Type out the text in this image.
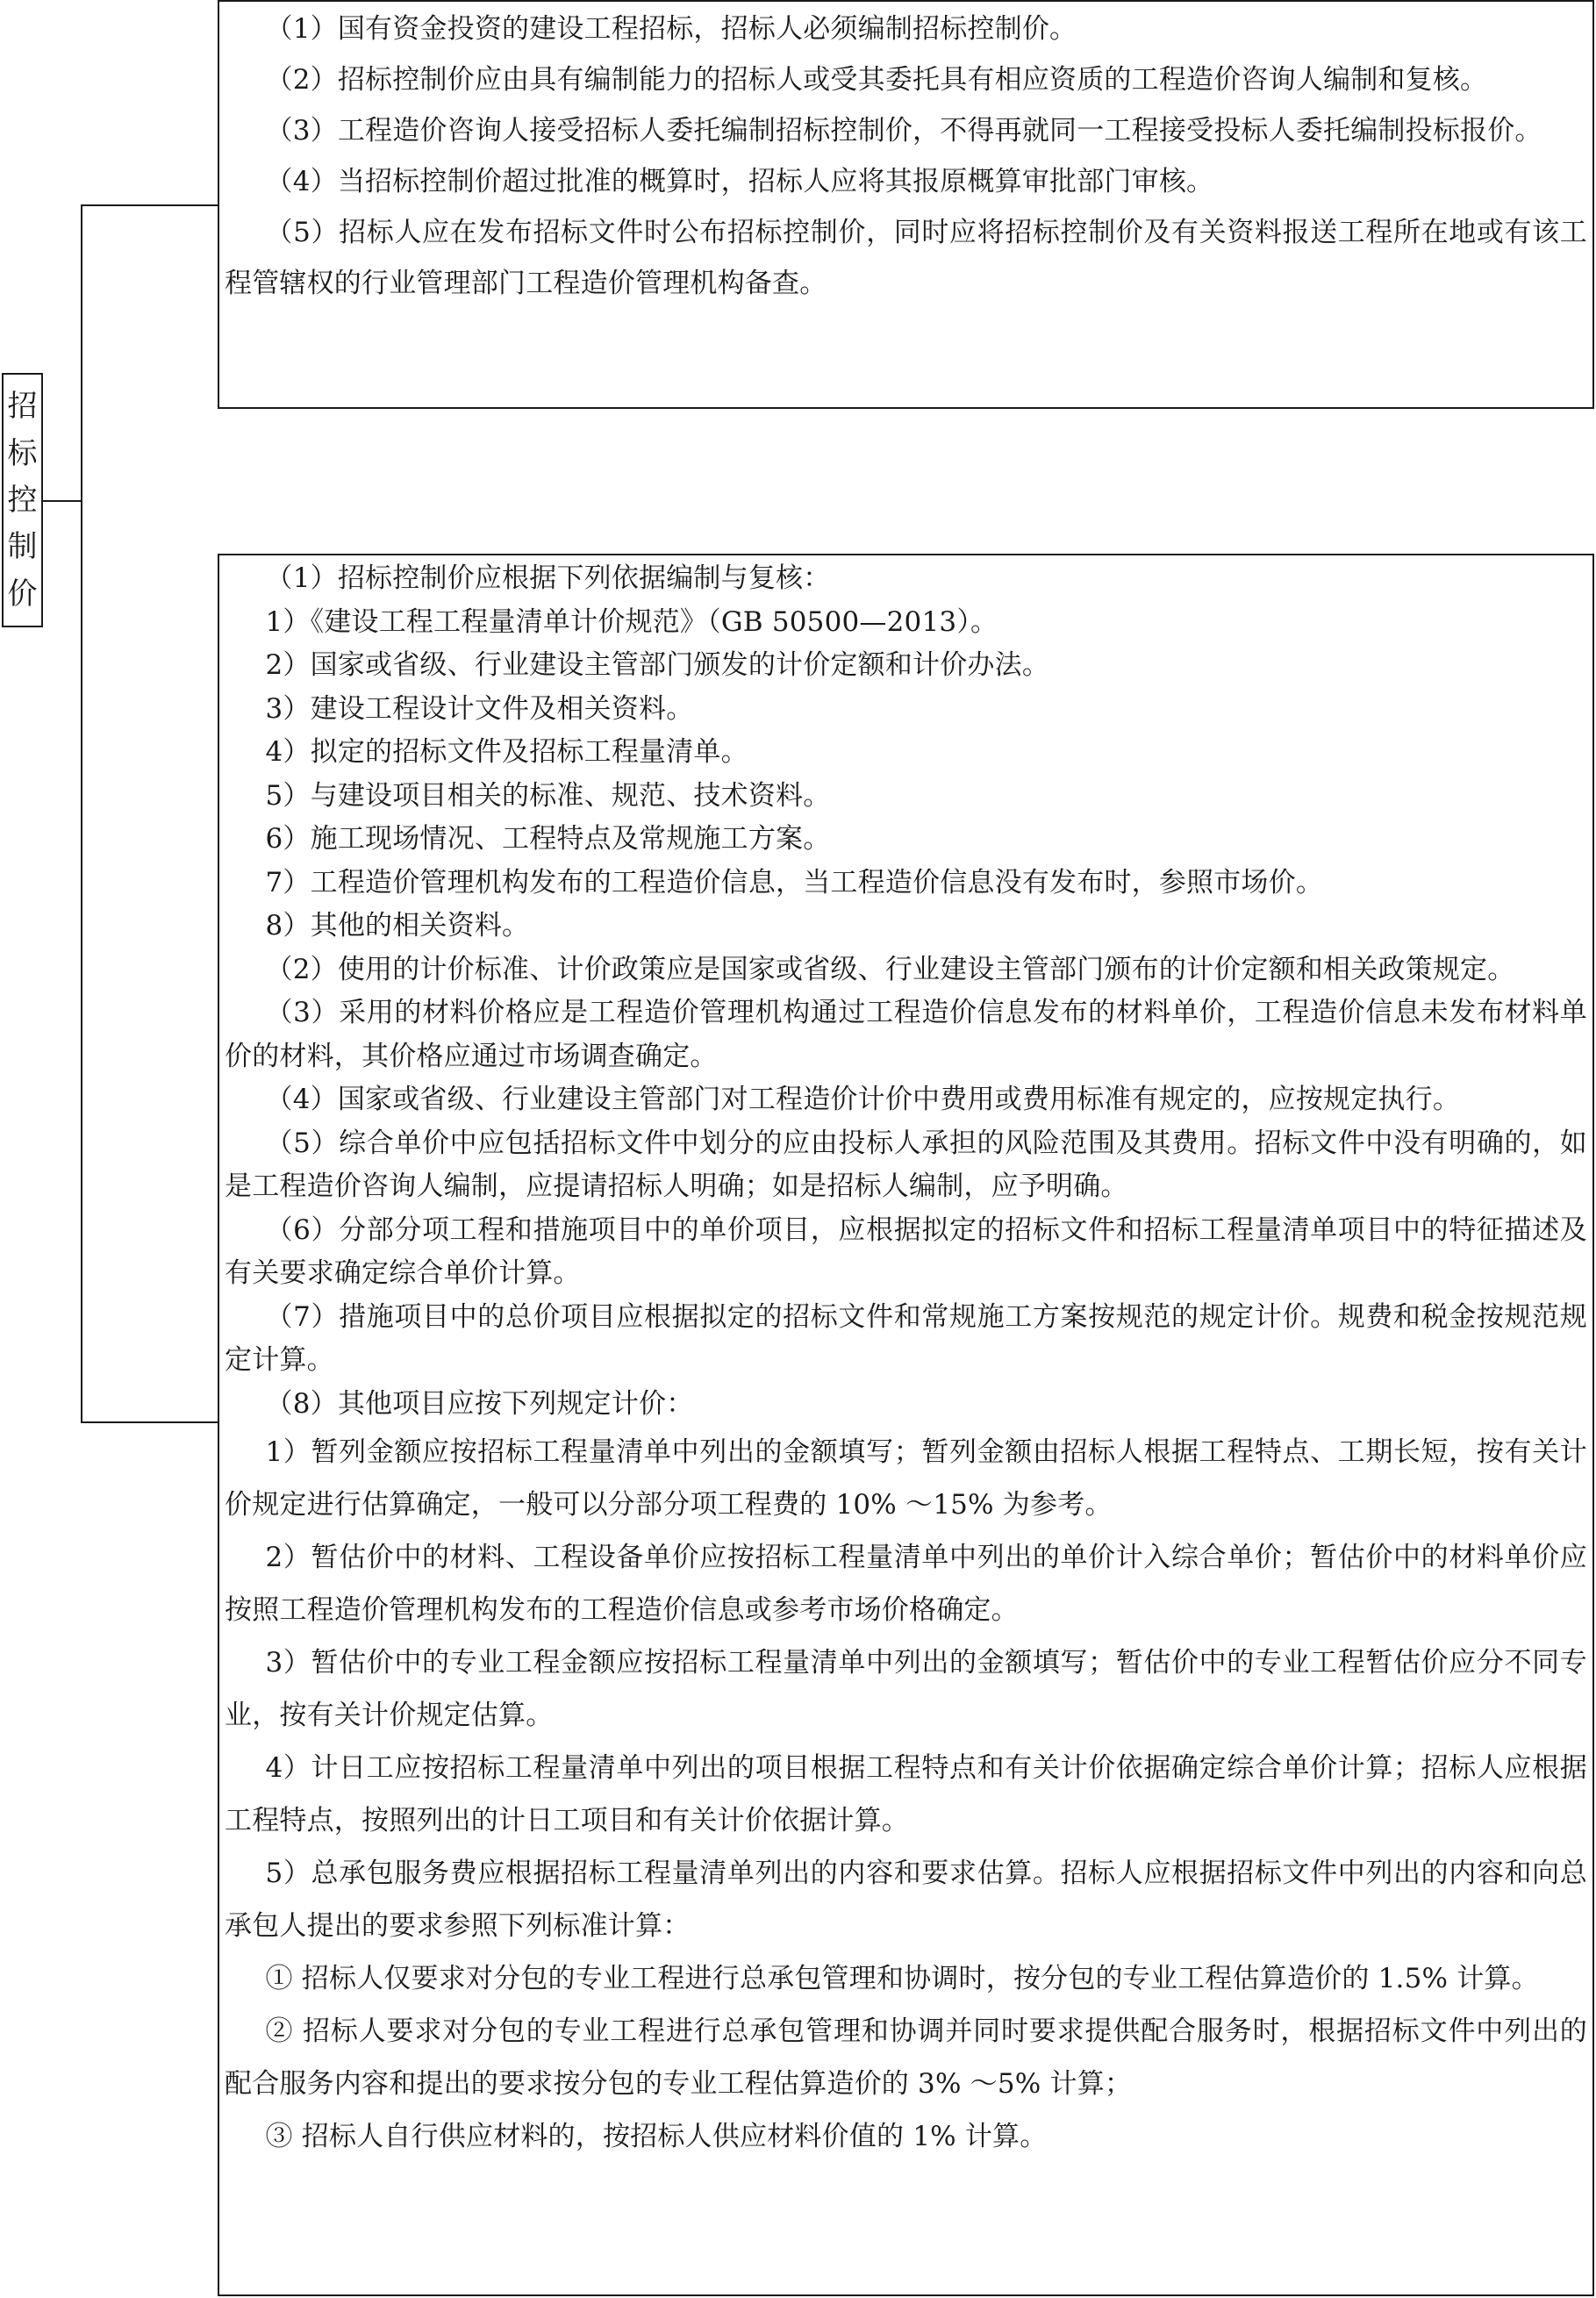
招
标
控
制
价

（1）国有资金投资的建设工程招标，招标人必须编制招标控制价。

（2）招标控制价应由具有编制能力的招标人或受其委托具有相应资质的工程造价咨询人编制和复核。

（3）工程造价咨询人接受招标人委托编制招标控制价，不得再就同一工程接受投标人委托编制投标报价。

（4）当招标控制价超过批准的概算时，招标人应将其报原概算审批部门审核。

（5）招标人应在发布招标文件时公布招标控制价，同时应将招标控制价及有关资料报送工程所在地或有该工程管辖权的行业管理部门工程造价管理机构备查。

（1）招标控制价应根据下列依据编制与复核：

1）《建设工程工程量清单计价规范》（GB 50500—2013）。

2）国家或省级、行业建设主管部门颁发的计价定额和计价办法。

3）建设工程设计文件及相关资料。

4）拟定的招标文件及招标工程量清单。

5）与建设项目相关的标准、规范、技术资料。

6）施工现场情况、工程特点及常规施工方案。

7）工程造价管理机构发布的工程造价信息，当工程造价信息没有发布时，参照市场价。

8）其他的相关资料。

（2）使用的计价标准、计价政策应是国家或省级、行业建设主管部门颁布的计价定额和相关政策规定。

（3）采用的材料价格应是工程造价管理机构通过工程造价信息发布的材料单价，工程造价信息未发布材料单价的材料，其价格应通过市场调查确定。

（4）国家或省级、行业建设主管部门对工程造价计价中费用或费用标准有规定的，应按规定执行。

（5）综合单价中应包括招标文件中划分的应由投标人承担的风险范围及其费用。招标文件中没有明确的，如是工程造价咨询人编制，应提请招标人明确；如是招标人编制，应予明确。

（6）分部分项工程和措施项目中的单价项目，应根据拟定的招标文件和招标工程量清单项目中的特征描述及有关要求确定综合单价计算。

（7）措施项目中的总价项目应根据拟定的招标文件和常规施工方案按规范的规定计价。规费和税金按规范规定计算。

（8）其他项目应按下列规定计价：

1）暂列金额应按招标工程量清单中列出的金额填写；暂列金额由招标人根据工程特点、工期长短，按有关计价规定进行估算确定，一般可以分部分项工程费的 10% ～15% 为参考。

2）暂估价中的材料、工程设备单价应按招标工程量清单中列出的单价计入综合单价；暂估价中的材料单价应按照工程造价管理机构发布的工程造价信息或参考市场价格确定。

3）暂估价中的专业工程金额应按招标工程量清单中列出的金额填写；暂估价中的专业工程暂估价应分不同专业，按有关计价规定估算。

4）计日工应按招标工程量清单中列出的项目根据工程特点和有关计价依据确定综合单价计算；招标人应根据工程特点，按照列出的计日工项目和有关计价依据计算。

5）总承包服务费应根据招标工程量清单列出的内容和要求估算。招标人应根据招标文件中列出的内容和向总承包人提出的要求参照下列标准计算：

① 招标人仅要求对分包的专业工程进行总承包管理和协调时，按分包的专业工程估算造价的 1.5% 计算。

② 招标人要求对分包的专业工程进行总承包管理和协调并同时要求提供配合服务时，根据招标文件中列出的配合服务内容和提出的要求按分包的专业工程估算造价的 3% ～5% 计算；

③ 招标人自行供应材料的，按招标人供应材料价值的 1% 计算。
